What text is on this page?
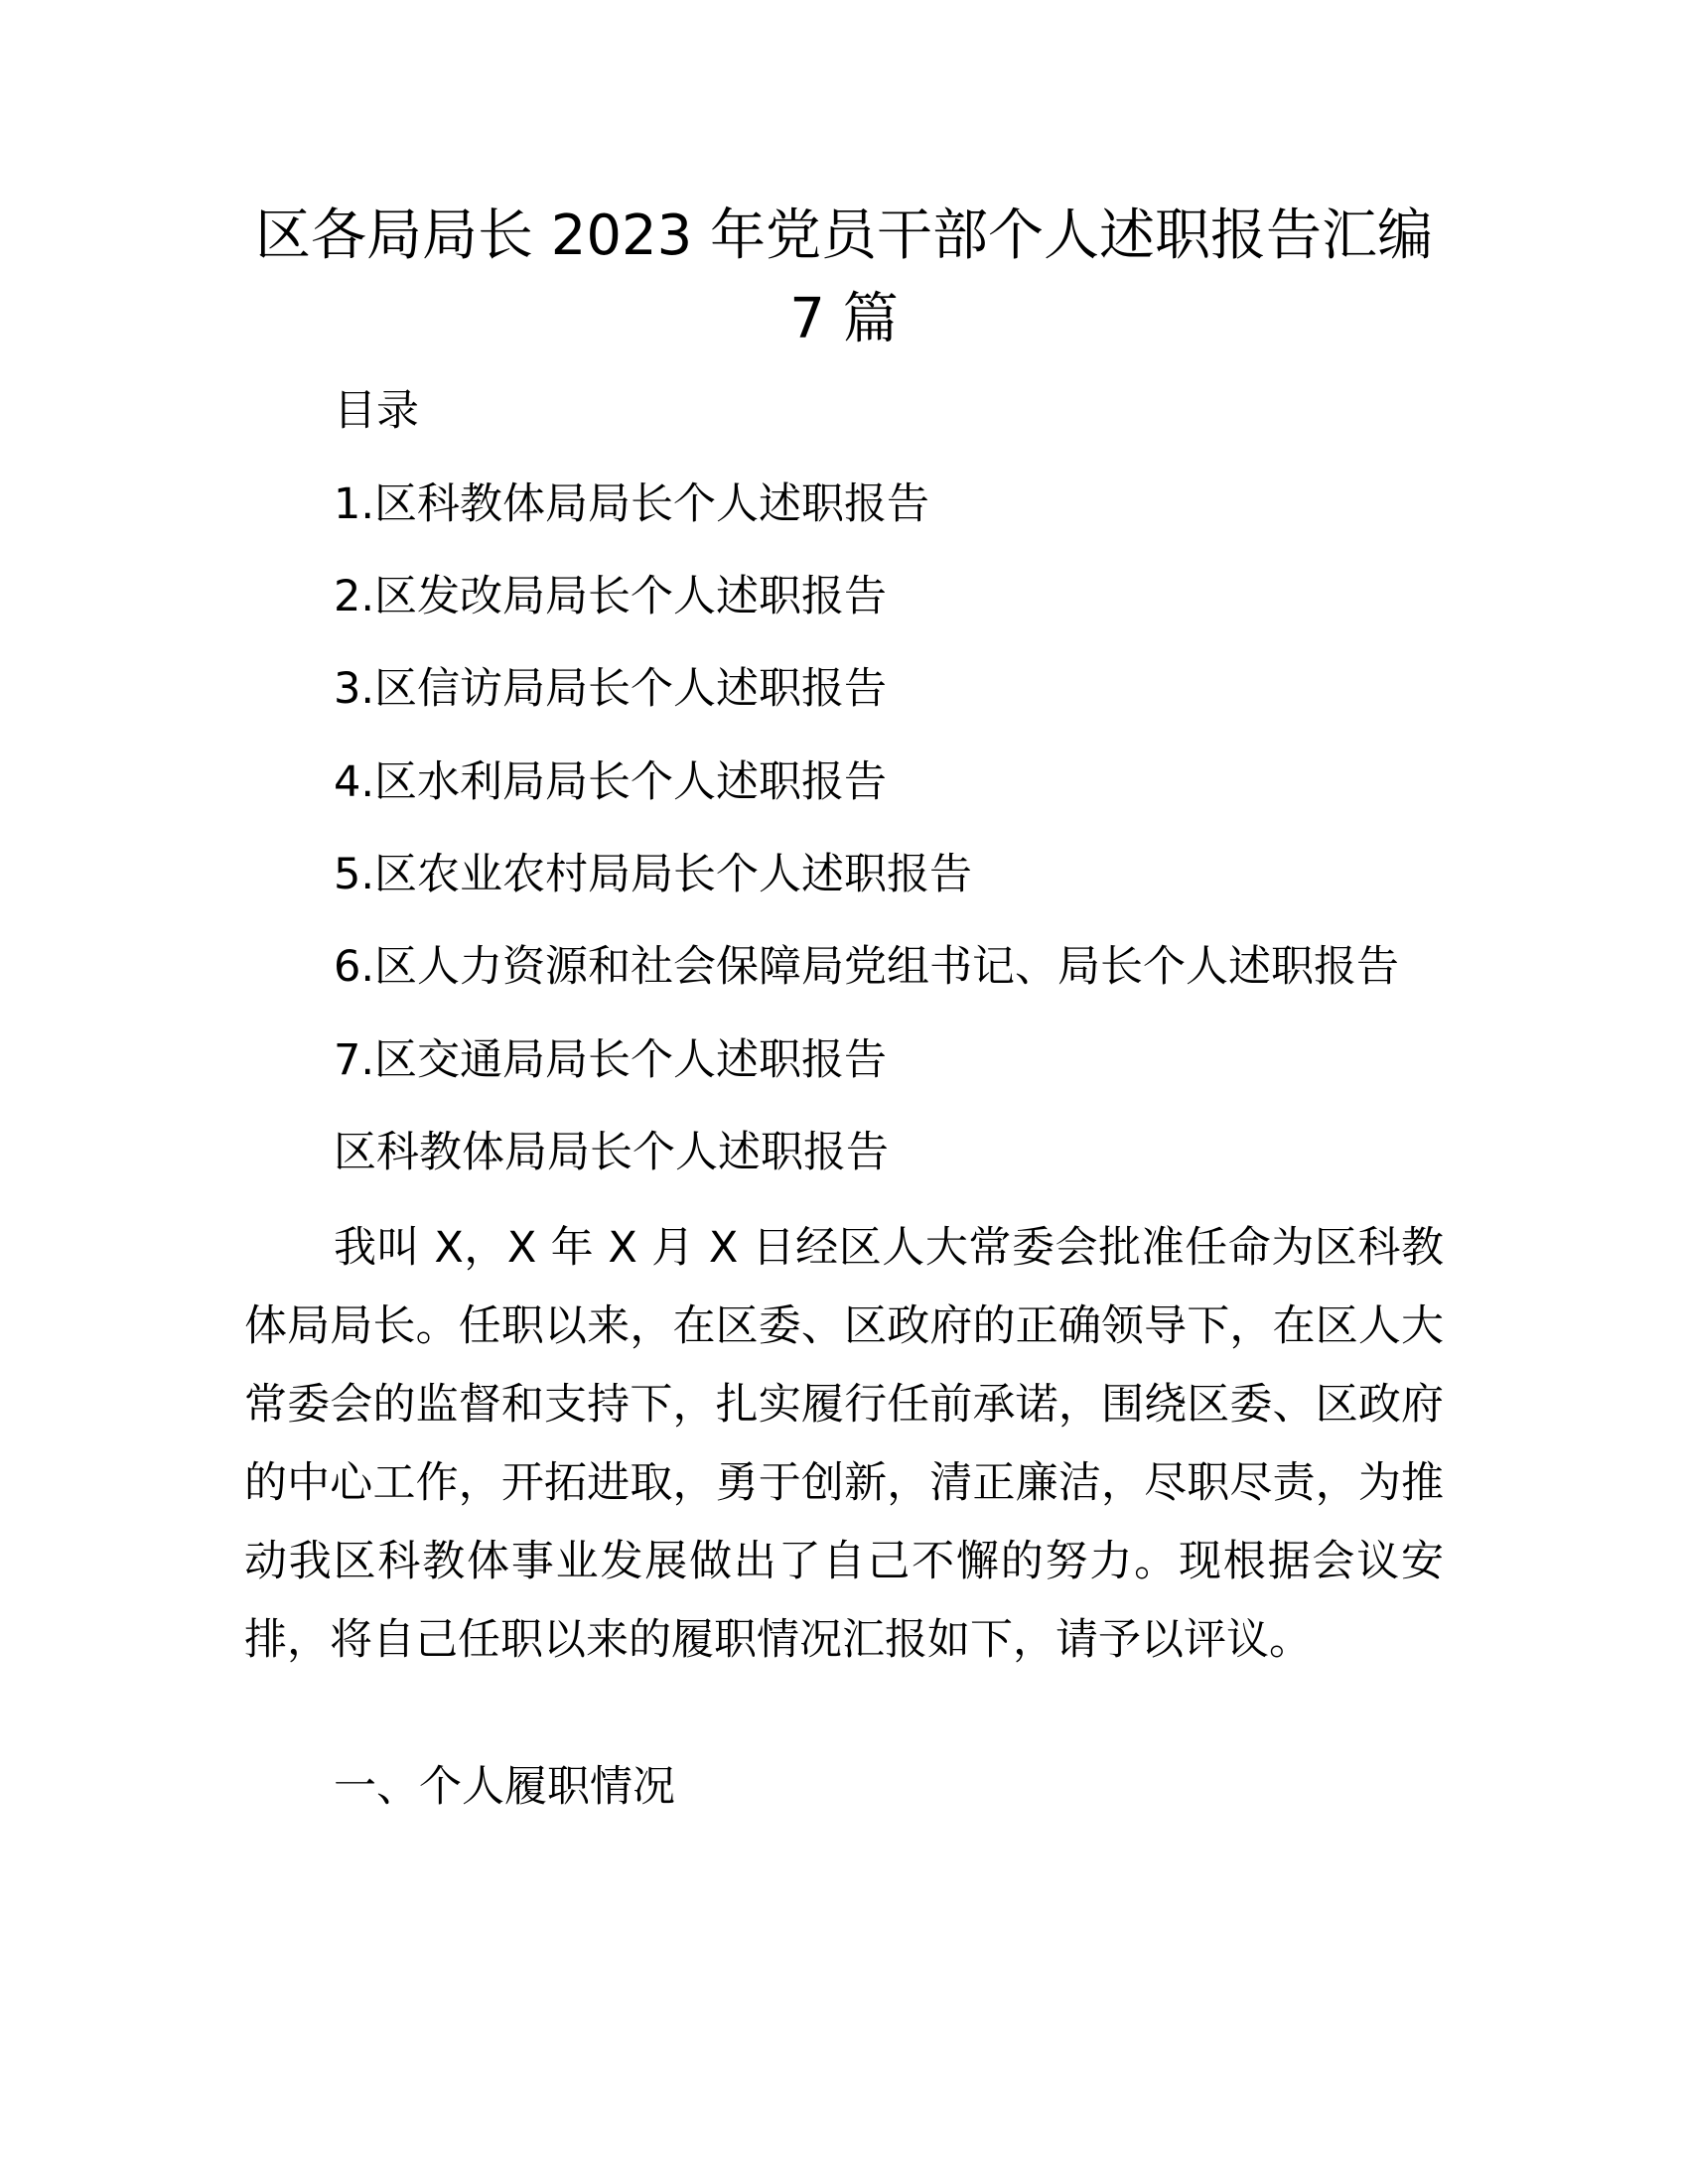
区各局局长 2023 年党员干部个人述职报告汇编
7 篇

目录

1.区科教体局局长个人述职报告

2.区发改局局长个人述职报告

3.区信访局局长个人述职报告

4.区水利局局长个人述职报告

5.区农业农村局局长个人述职报告

6.区人力资源和社会保障局党组书记、局长个人述职报告

7.区交通局局长个人述职报告

区科教体局局长个人述职报告

我叫 X，X 年 X 月 X 日经区人大常委会批准任命为区科教体局局长。任职以来，在区委、区政府的正确领导下，在区人大常委会的监督和支持下，扎实履行任前承诺，围绕区委、区政府的中心工作，开拓进取，勇于创新，清正廉洁，尽职尽责，为推动我区科教体事业发展做出了自己不懈的努力。现根据会议安排，将自己任职以来的履职情况汇报如下，请予以评议。

一、个人履职情况
